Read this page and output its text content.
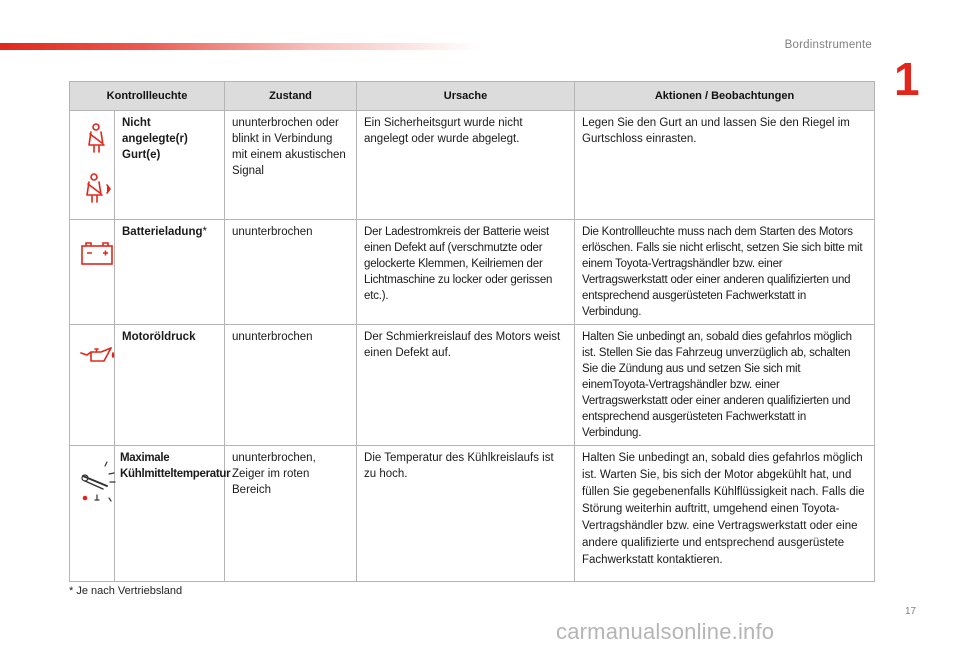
Bordinstrumente
1
Kontrollleuchte		Zustand	Ursache	Aktionen / Beobachtungen

	Nicht angelegte(r) Gurt(e)	ununterbrochen oder blinkt in Verbindung mit einem akustischen Signal	Ein Sicherheitsgurt wurde nicht angelegt oder wurde abgelegt.	Legen Sie den Gurt an und lassen Sie den Riegel im Gurtschloss einrasten.

	Batterieladung*	ununterbrochen	Der Ladestromkreis der Batterie weist einen Defekt auf (verschmutzte oder gelockerte Klemmen, Keilriemen der Lichtmaschine zu locker oder gerissen etc.).	Die Kontrollleuchte muss nach dem Starten des Motors erlöschen. Falls sie nicht erlischt, setzen Sie sich bitte mit einem Toyota-Vertragshändler bzw. einer Vertragswerkstatt oder einer anderen qualifizierten und entsprechend ausgerüsteten Fachwerkstatt in Verbindung.

	Motoröldruck	ununterbrochen	Der Schmierkreislauf des Motors weist einen Defekt auf.	Halten Sie unbedingt an, sobald dies gefahrlos möglich ist. Stellen Sie das Fahrzeug unverzüglich ab, schalten Sie die Zündung aus und setzen Sie sich mit einemToyota-Vertragshändler bzw. einer Vertragswerkstatt oder einer anderen qualifizierten und entsprechend ausgerüsteten Fachwerkstatt in Verbindung.

	Maximale Kühlmitteltemperatur	ununterbrochen, Zeiger im roten Bereich	Die Temperatur des Kühlkreislaufs ist zu hoch.	Halten Sie unbedingt an, sobald dies gefahrlos möglich ist. Warten Sie, bis sich der Motor abgekühlt hat, und füllen Sie gegebenenfalls Kühlflüssigkeit nach. Falls die Störung weiterhin auftritt, umgehend einen Toyota-Vertragshändler bzw. eine Vertragswerkstatt oder eine andere qualifizierte und entsprechend ausgerüstete Fachwerkstatt kontaktieren.
* Je nach Vertriebsland
17
carmanualsonline.info
